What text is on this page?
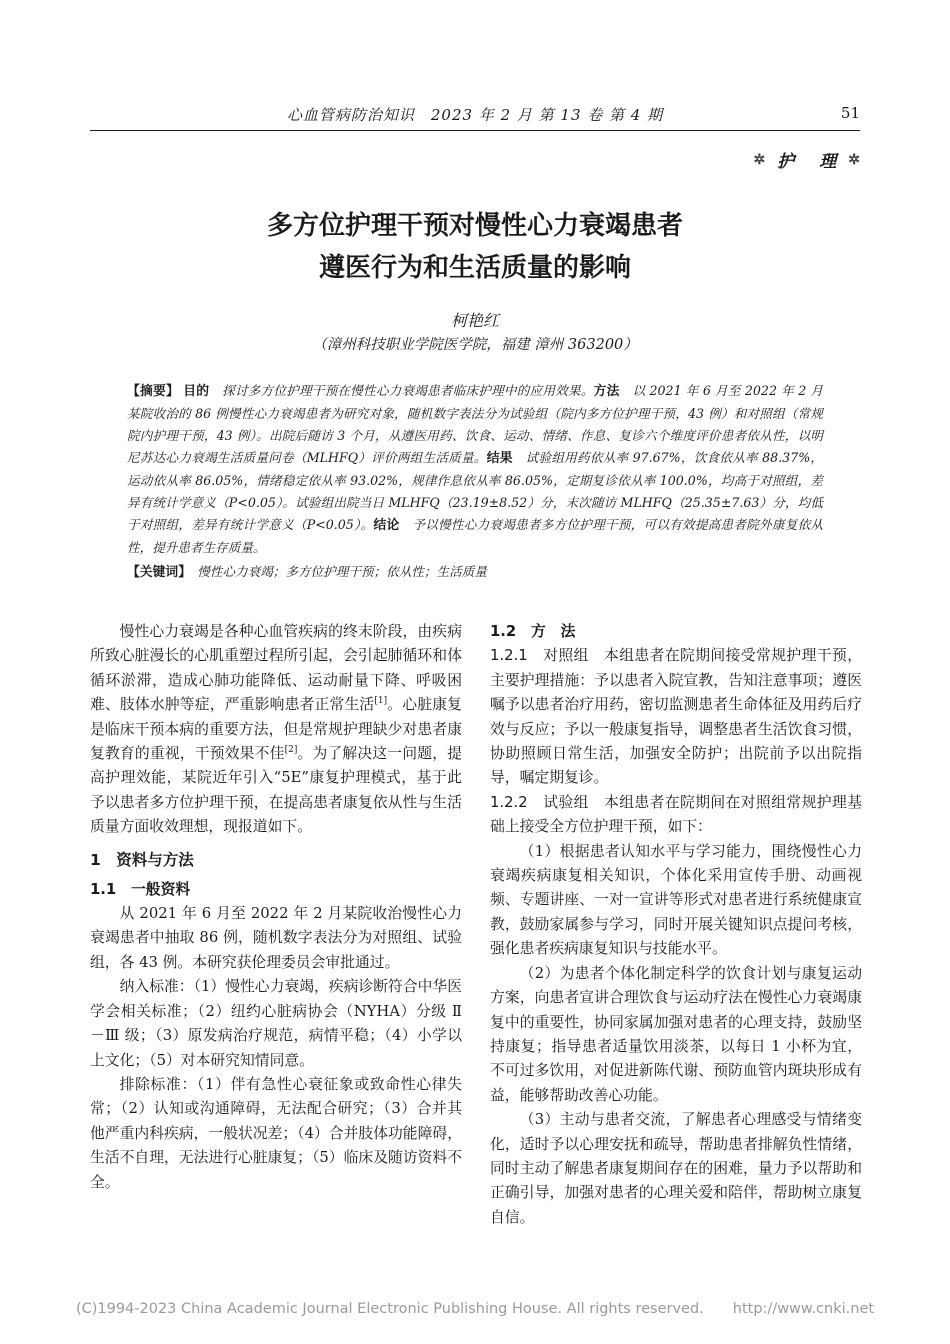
心血管病防治知识　2023 年 2 月 第 13 卷 第 4 期	51
✲ 护　理 ✲
多方位护理干预对慢性心力衰竭患者
遵医行为和生活质量的影响
柯艳红
（漳州科技职业学院医学院，福建 漳州 363200）

【摘要】 目的　探讨多方位护理干预在慢性心力衰竭患者临床护理中的应用效果。方法　以 2021 年 6 月至 2022 年 2 月某院收治的 86 例慢性心力衰竭患者为研究对象，随机数字表法分为试验组（院内多方位护理干预，43 例）和对照组（常规院内护理干预，43 例）。出院后随访 3 个月，从遵医用药、饮食、运动、情绪、作息、复诊六个维度评价患者依从性，以明尼苏达心力衰竭生活质量问卷（MLHFQ）评价两组生活质量。结果　试验组用药依从率 97.67%，饮食依从率 88.37%，运动依从率 86.05%，情绪稳定依从率 93.02%，规律作息依从率 86.05%，定期复诊依从率 100.0%，均高于对照组，差异有统计学意义（P<0.05）。试验组出院当日 MLHFQ（23.19±8.52）分，末次随访 MLHFQ（25.35±7.63）分，均低于对照组，差异有统计学意义（P<0.05）。结论　予以慢性心力衰竭患者多方位护理干预，可以有效提高患者院外康复依从性，提升患者生存质量。

【关键词】　慢性心力衰竭；多方位护理干预；依从性；生活质量

慢性心力衰竭是各种心血管疾病的终末阶段，由疾病所致心脏漫长的心肌重塑过程所引起，会引起肺循环和体循环淤滞，造成心肺功能降低、运动耐量下降、呼吸困难、肢体水肿等症，严重影响患者正常生活[1]。心脏康复是临床干预本病的重要方法，但是常规护理缺少对患者康复教育的重视，干预效果不佳[2]。为了解决这一问题，提高护理效能，某院近年引入“5E”康复护理模式，基于此予以患者多方位护理干预，在提高患者康复依从性与生活质量方面收效理想，现报道如下。

1　资料与方法
1.1　一般资料

从 2021 年 6 月至 2022 年 2 月某院收治慢性心力衰竭患者中抽取 86 例，随机数字表法分为对照组、试验组，各 43 例。本研究获伦理委员会审批通过。

纳入标准：（1）慢性心力衰竭，疾病诊断符合中华医学会相关标准；（2）纽约心脏病协会（NYHA）分级 Ⅱ－Ⅲ 级；（3）原发病治疗规范，病情平稳；（4）小学以上文化；（5）对本研究知情同意。

排除标准：（1）伴有急性心衰征象或致命性心律失常；（2）认知或沟通障碍，无法配合研究；（3）合并其他严重内科疾病，一般状况差；（4）合并肢体功能障碍，生活不自理，无法进行心脏康复；（5）临床及随访资料不全。

1.2　方　法

1.2.1　对照组　本组患者在院期间接受常规护理干预，主要护理措施：予以患者入院宣教，告知注意事项；遵医嘱予以患者治疗用药，密切监测患者生命体征及用药后疗效与反应；予以一般康复指导，调整患者生活饮食习惯，协助照顾日常生活，加强安全防护；出院前予以出院指导，嘱定期复诊。

1.2.2　试验组　本组患者在院期间在对照组常规护理基础上接受全方位护理干预，如下：

（1）根据患者认知水平与学习能力，围绕慢性心力衰竭疾病康复相关知识，个体化采用宣传手册、动画视频、专题讲座、一对一宣讲等形式对患者进行系统健康宣教，鼓励家属参与学习，同时开展关键知识点提问考核，强化患者疾病康复知识与技能水平。

（2）为患者个体化制定科学的饮食计划与康复运动方案，向患者宣讲合理饮食与运动疗法在慢性心力衰竭康复中的重要性，协同家属加强对患者的心理支持，鼓励坚持康复；指导患者适量饮用淡茶，以每日 1 小杯为宜，不可过多饮用，对促进新陈代谢、预防血管内斑块形成有益，能够帮助改善心功能。

（3）主动与患者交流，了解患者心理感受与情绪变化，适时予以心理安抚和疏导，帮助患者排解负性情绪，同时主动了解患者康复期间存在的困难，量力予以帮助和正确引导，加强对患者的心理关爱和陪伴，帮助树立康复自信。

(C)1994-2023 China Academic Journal Electronic Publishing House. All rights reserved.　　http://www.cnki.net
